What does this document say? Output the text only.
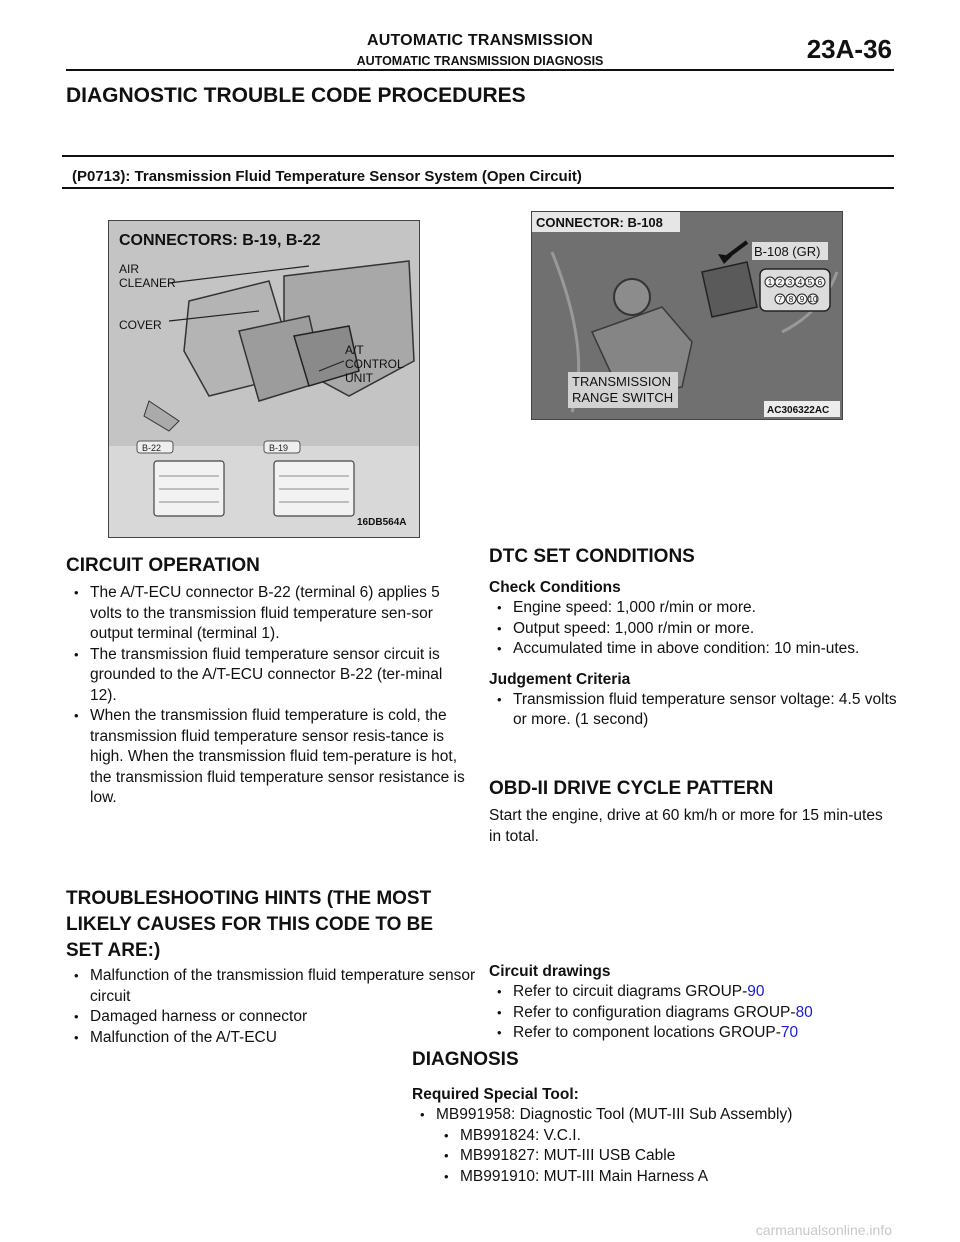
AUTOMATIC TRANSMISSION
AUTOMATIC TRANSMISSION DIAGNOSIS	23A-36
DIAGNOSTIC TROUBLE CODE PROCEDURES
(P0713): Transmission Fluid Temperature Sensor System (Open Circuit)
CONNECTORS: B-19, B-22
AIR
CLEANER
COVER
A/T
CONTROL
UNIT
B-22	B-19
16DB564A
CONNECTOR: B-108
B-108 (GR)
1 2 3 4 5 6
7 8 9 10
TRANSMISSION
RANGE SWITCH
AC306322AC
CIRCUIT OPERATION
• The A/T-ECU connector B-22 (terminal 6) applies 5 volts to the transmission fluid temperature sen-sor output terminal (terminal 1).
• The transmission fluid temperature sensor circuit is grounded to the A/T-ECU connector B-22 (ter-minal 12).
• When the transmission fluid temperature is cold, the transmission fluid temperature sensor resis-tance is high. When the transmission fluid tem-perature is hot, the transmission fluid temperature sensor resistance is low.
DTC SET CONDITIONS
Check Conditions
• Engine speed: 1,000 r/min or more.
• Output speed: 1,000 r/min or more.
• Accumulated time in above condition: 10 min-utes.
Judgement Criteria
• Transmission fluid temperature sensor voltage: 4.5 volts or more. (1 second)
OBD-II DRIVE CYCLE PATTERN
Start the engine, drive at 60 km/h or more for 15 min-utes in total.
TROUBLESHOOTING HINTS (THE MOST
LIKELY CAUSES FOR THIS CODE TO BE
SET ARE:)
• Malfunction of the transmission fluid temperature sensor circuit
• Damaged harness or connector
• Malfunction of the A/T-ECU
Circuit drawings
• Refer to circuit diagrams GROUP-90
• Refer to configuration diagrams GROUP-80
• Refer to component locations GROUP-70
DIAGNOSIS
Required Special Tool:
• MB991958: Diagnostic Tool (MUT-III Sub Assembly)
• MB991824: V.C.I.
• MB991827: MUT-III USB Cable
• MB991910: MUT-III Main Harness A
carmanualsonline.info
